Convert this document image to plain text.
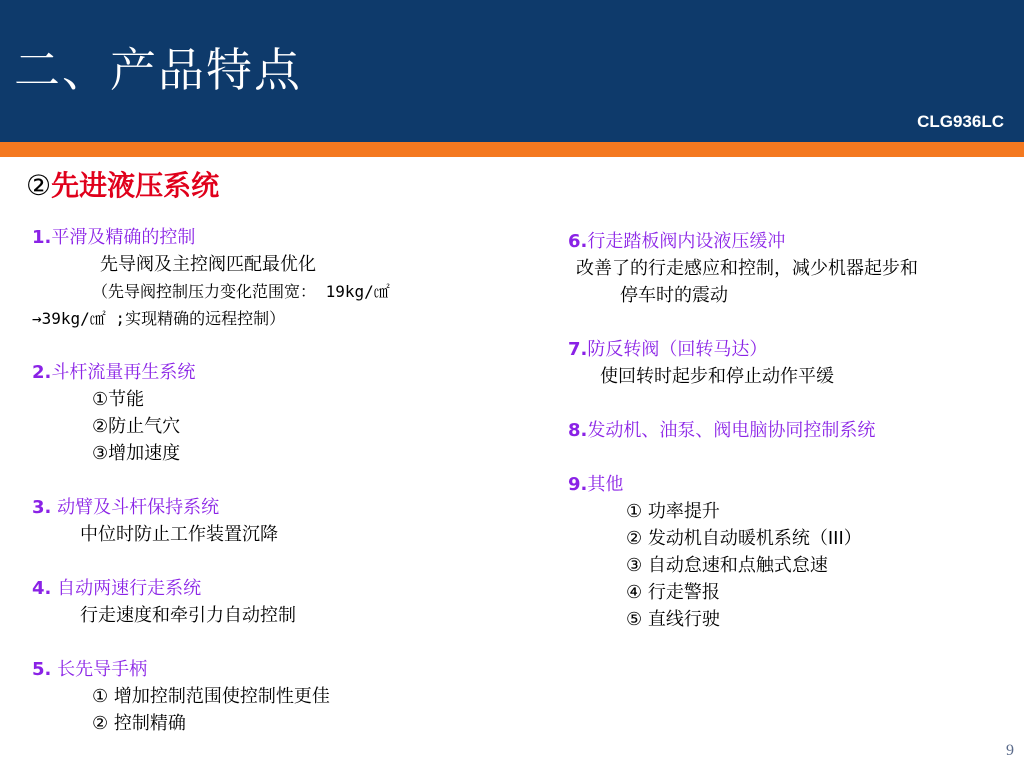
二、产品特点
CLG936LC
②先进液压系统
1.平滑及精确的控制
先导阀及主控阀匹配最优化
（先导阀控制压力变化范围宽： 19kg/㎠
→39kg/㎠ ;实现精确的远程控制）
2.斗杆流量再生系统
①节能
②防止气穴
③增加速度
3. 动臂及斗杆保持系统
中位时防止工作装置沉降
4. 自动两速行走系统
行走速度和牵引力自动控制
5. 长先导手柄
① 增加控制范围使控制性更佳
② 控制精确
6.行走踏板阀内设液压缓冲
改善了的行走感应和控制，减少机器起步和
停车时的震动
7.防反转阀（回转马达）
使回转时起步和停止动作平缓
8.发动机、油泵、阀电脑协同控制系统
9.其他
① 功率提升
② 发动机自动暖机系统（III）
③ 自动怠速和点触式怠速
④ 行走警报
⑤ 直线行驶
9
